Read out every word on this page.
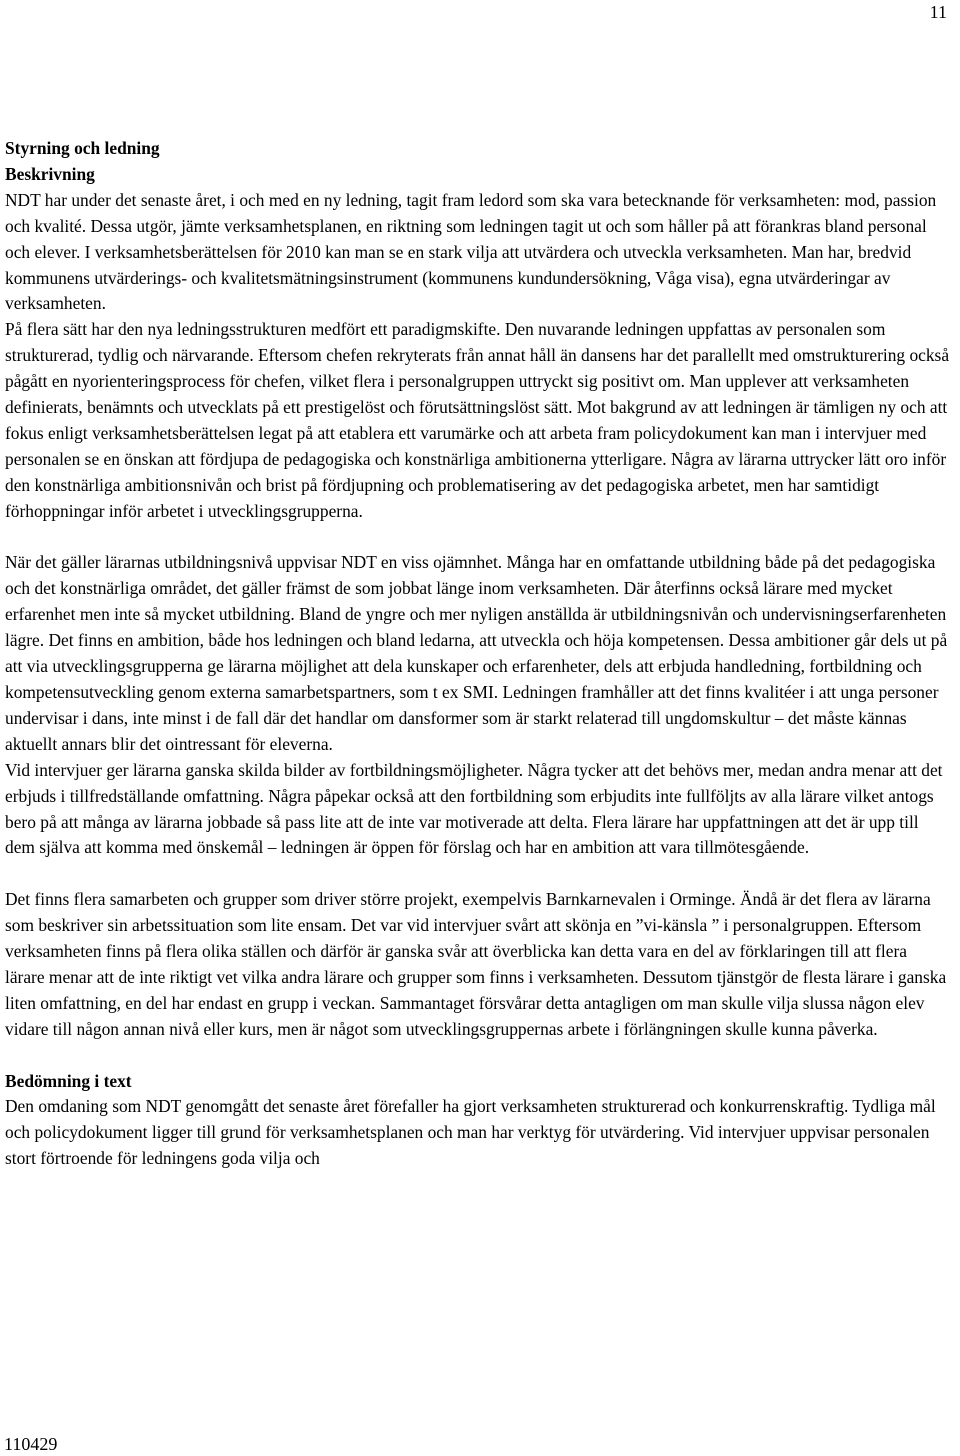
11

Styrning och ledning

Beskrivning

NDT har under det senaste året, i och med en ny ledning, tagit fram ledord som ska vara betecknande för verksamheten: mod, passion och kvalité. Dessa utgör, jämte verksamhetsplanen, en riktning som ledningen tagit ut och som håller på att förankras bland personal och elever. I verksamhetsberättelsen för 2010 kan man se en stark vilja att utvärdera och utveckla verksamheten. Man har, bredvid kommunens utvärderings- och kvalitetsmätningsinstrument (kommunens kundundersökning, Våga visa), egna utvärderingar av verksamheten.

På flera sätt har den nya ledningsstrukturen medfört ett paradigmskifte. Den nuvarande ledningen uppfattas av personalen som strukturerad, tydlig och närvarande. Eftersom chefen rekryterats från annat håll än dansens har det parallellt med omstrukturering också pågått en nyorienteringsprocess för chefen, vilket flera i personalgruppen uttryckt sig positivt om. Man upplever att verksamheten definierats, benämnts och utvecklats på ett prestigelöst och förutsättningslöst sätt. Mot bakgrund av att ledningen är tämligen ny och att fokus enligt verksamhetsberättelsen legat på att etablera ett varumärke och att arbeta fram policydokument kan man i intervjuer med personalen se en önskan att fördjupa de pedagogiska och konstnärliga ambitionerna ytterligare. Några av lärarna uttrycker lätt oro inför den konstnärliga ambitionsnivån och brist på fördjupning och problematisering av det pedagogiska arbetet, men har samtidigt förhoppningar inför arbetet i utvecklingsgrupperna.

När det gäller lärarnas utbildningsnivå uppvisar NDT en viss ojämnhet. Många har en omfattande utbildning både på det pedagogiska och det konstnärliga området, det gäller främst de som jobbat länge inom verksamheten. Där återfinns också lärare med mycket erfarenhet men inte så mycket utbildning. Bland de yngre och mer nyligen anställda är utbildningsnivån och undervisningserfarenheten lägre. Det finns en ambition, både hos ledningen och bland ledarna, att utveckla och höja kompetensen. Dessa ambitioner går dels ut på att via utvecklingsgrupperna ge lärarna möjlighet att dela kunskaper och erfarenheter, dels att erbjuda handledning, fortbildning och kompetensutveckling genom externa samarbetspartners, som t ex SMI. Ledningen framhåller att det finns kvalitéer i att unga personer undervisar i dans, inte minst i de fall där det handlar om dansformer som är starkt relaterad till ungdomskultur – det måste kännas aktuellt annars blir det ointressant för eleverna.

Vid intervjuer ger lärarna ganska skilda bilder av fortbildningsmöjligheter. Några tycker att det behövs mer, medan andra menar att det erbjuds i tillfredställande omfattning. Några påpekar också att den fortbildning som erbjudits inte fullföljts av alla lärare vilket antogs bero på att många av lärarna jobbade så pass lite att de inte var motiverade att delta. Flera lärare har uppfattningen att det är upp till dem själva att komma med önskemål – ledningen är öppen för förslag och har en ambition att vara tillmötesgående.

Det finns flera samarbeten och grupper som driver större projekt, exempelvis Barnkarnevalen i Orminge. Ändå är det flera av lärarna som beskriver sin arbetssituation som lite ensam. Det var vid intervjuer svårt att skönja en ”vi-känsla ” i personalgruppen. Eftersom verksamheten finns på flera olika ställen och därför är ganska svår att överblicka kan detta vara en del av förklaringen till att flera lärare menar att de inte riktigt vet vilka andra lärare och grupper som finns i verksamheten. Dessutom tjänstgör de flesta lärare i ganska liten omfattning, en del har endast en grupp i veckan. Sammantaget försvårar detta antagligen om man skulle vilja slussa någon elev vidare till någon annan nivå eller kurs, men är något som utvecklingsgruppernas arbete i förlängningen skulle kunna påverka.

Bedömning i text

Den omdaning som NDT genomgått det senaste året förefaller ha gjort verksamheten strukturerad och konkurrenskraftig. Tydliga mål och policydokument ligger till grund för verksamhetsplanen och man har verktyg för utvärdering. Vid intervjuer uppvisar personalen stort förtroende för ledningens goda vilja och

110429
